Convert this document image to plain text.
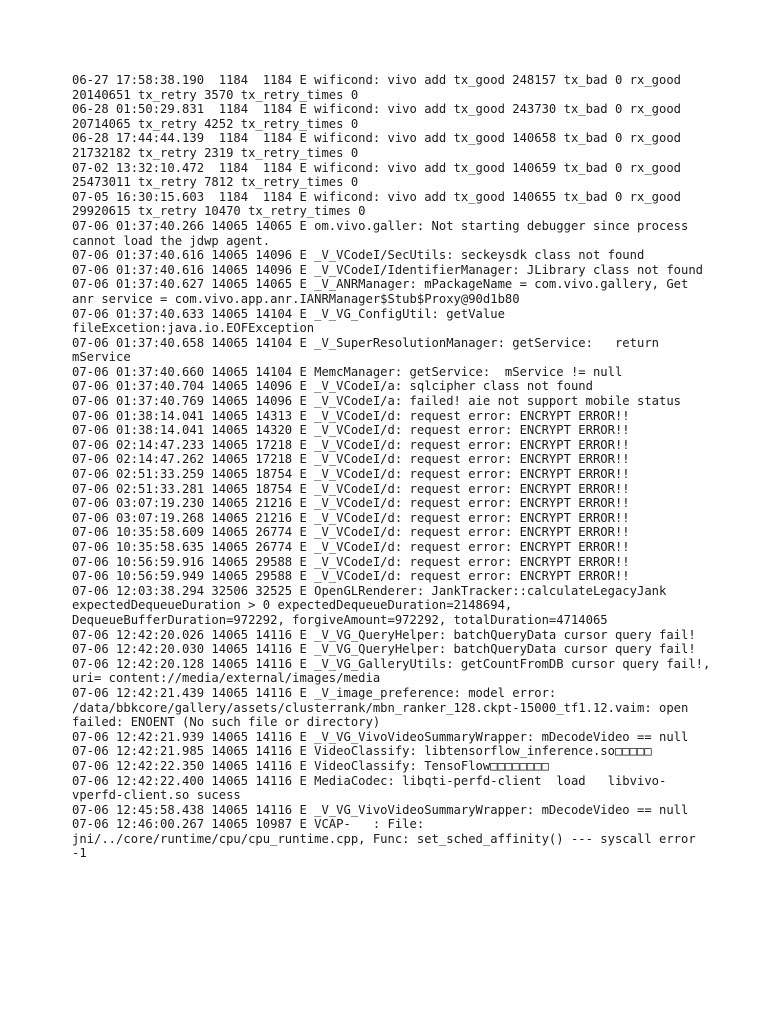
06-27 17:58:38.190  1184  1184 E wificond: vivo add tx_good 248157 tx_bad 0 rx_good 20140651 tx_retry 3570 tx_retry_times 0
06-28 01:50:29.831  1184  1184 E wificond: vivo add tx_good 243730 tx_bad 0 rx_good 20714065 tx_retry 4252 tx_retry_times 0
06-28 17:44:44.139  1184  1184 E wificond: vivo add tx_good 140658 tx_bad 0 rx_good 21732182 tx_retry 2319 tx_retry_times 0
07-02 13:32:10.472  1184  1184 E wificond: vivo add tx_good 140659 tx_bad 0 rx_good 25473011 tx_retry 7812 tx_retry_times 0
07-05 16:30:15.603  1184  1184 E wificond: vivo add tx_good 140655 tx_bad 0 rx_good 29920615 tx_retry 10470 tx_retry_times 0
07-06 01:37:40.266 14065 14065 E om.vivo.galler: Not starting debugger since process cannot load the jdwp agent.
07-06 01:37:40.616 14065 14096 E _V_VCodeI/SecUtils: seckeysdk class not found
07-06 01:37:40.616 14065 14096 E _V_VCodeI/IdentifierManager: JLibrary class not found
07-06 01:37:40.627 14065 14065 E _V_ANRManager: mPackageName = com.vivo.gallery, Get anr service = com.vivo.app.anr.IANRManager$Stub$Proxy@90d1b80
07-06 01:37:40.633 14065 14104 E _V_VG_ConfigUtil: getValue fileExcetion:java.io.EOFException
07-06 01:37:40.658 14065 14104 E _V_SuperResolutionManager: getService:   return mService
07-06 01:37:40.660 14065 14104 E MemcManager: getService:  mService != null
07-06 01:37:40.704 14065 14096 E _V_VCodeI/a: sqlcipher class not found
07-06 01:37:40.769 14065 14096 E _V_VCodeI/a: failed! aie not support mobile status
07-06 01:38:14.041 14065 14313 E _V_VCodeI/d: request error: ENCRYPT ERROR!!
07-06 01:38:14.041 14065 14320 E _V_VCodeI/d: request error: ENCRYPT ERROR!!
07-06 02:14:47.233 14065 17218 E _V_VCodeI/d: request error: ENCRYPT ERROR!!
07-06 02:14:47.262 14065 17218 E _V_VCodeI/d: request error: ENCRYPT ERROR!!
07-06 02:51:33.259 14065 18754 E _V_VCodeI/d: request error: ENCRYPT ERROR!!
07-06 02:51:33.281 14065 18754 E _V_VCodeI/d: request error: ENCRYPT ERROR!!
07-06 03:07:19.230 14065 21216 E _V_VCodeI/d: request error: ENCRYPT ERROR!!
07-06 03:07:19.268 14065 21216 E _V_VCodeI/d: request error: ENCRYPT ERROR!!
07-06 10:35:58.609 14065 26774 E _V_VCodeI/d: request error: ENCRYPT ERROR!!
07-06 10:35:58.635 14065 26774 E _V_VCodeI/d: request error: ENCRYPT ERROR!!
07-06 10:56:59.916 14065 29588 E _V_VCodeI/d: request error: ENCRYPT ERROR!!
07-06 10:56:59.949 14065 29588 E _V_VCodeI/d: request error: ENCRYPT ERROR!!
07-06 12:03:38.294 32506 32525 E OpenGLRenderer: JankTracker::calculateLegacyJank expectedDequeueDuration > 0 expectedDequeueDuration=2148694, DequeueBufferDuration=972292, forgiveAmount=972292, totalDuration=4714065
07-06 12:42:20.026 14065 14116 E _V_VG_QueryHelper: batchQueryData cursor query fail!
07-06 12:42:20.030 14065 14116 E _V_VG_QueryHelper: batchQueryData cursor query fail!
07-06 12:42:20.128 14065 14116 E _V_VG_GalleryUtils: getCountFromDB cursor query fail!, uri= content://media/external/images/media
07-06 12:42:21.439 14065 14116 E _V_image_preference: model error: /data/bbkcore/gallery/assets/clusterrank/mbn_ranker_128.ckpt-15000_tf1.12.vaim: open failed: ENOENT (No such file or directory)
07-06 12:42:21.939 14065 14116 E _V_VG_VivoVideoSummaryWrapper: mDecodeVideo == null
07-06 12:42:21.985 14065 14116 E VideoClassify: libtensorflow_inference.so□□□□□
07-06 12:42:22.350 14065 14116 E VideoClassify: TensoFlow□□□□□□□□
07-06 12:42:22.400 14065 14116 E MediaCodec: libqti-perfd-client  load   libvivo-vperfd-client.so sucess
07-06 12:45:58.438 14065 14116 E _V_VG_VivoVideoSummaryWrapper: mDecodeVideo == null
07-06 12:46:00.267 14065 10987 E VCAP-   : File: jni/../core/runtime/cpu/cpu_runtime.cpp, Func: set_sched_affinity() --- syscall error -1
